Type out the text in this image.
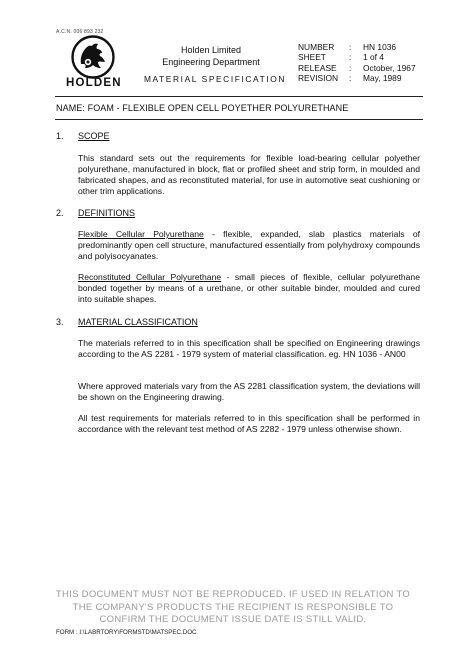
A.C.N. 006 893 232
HOLDEN
Holden Limited
Engineering Department
MATERIAL SPECIFICATION
NUMBER	:	HN 1036
SHEET	:	1 of 4
RELEASE	:	October, 1967
REVISION	:	May, 1989
NAME: FOAM - FLEXIBLE OPEN CELL POYETHER POLYURETHANE
1. SCOPE
This standard sets out the requirements for flexible load-bearing cellular polyether polyurethane, manufactured in block, flat or profiled sheet and strip form, in moulded and fabricated shapes, and as reconstituted material, for use in automotive seat cushioning or other trim applications.
2. DEFINITIONS
Flexible Cellular Polyurethane - flexible, expanded, slab plastics materials of predominantly open cell structure, manufactured essentially from polyhydroxy compounds and polyisocyanates.
Reconstituted Cellular Polyurethane - small pieces of flexible, cellular polyurethane bonded together by means of a urethane, or other suitable binder, moulded and cured into suitable shapes.
3. MATERIAL CLASSIFICATION
The materials referred to in this specification shall be specified on Engineering drawings according to the AS 2281 - 1979 system of material classification. eg. HN 1036 - AN00
Where approved materials vary from the AS 2281 classification system, the deviations will be shown on the Engineering drawing.
All test requirements for materials referred to in this specification shall be performed in accordance with the relevant test method of AS 2282 - 1979 unless otherwise shown.
THIS DOCUMENT MUST NOT BE REPRODUCED. IF USED IN RELATION TO
THE COMPANY'S PRODUCTS THE RECIPIENT IS RESPONSIBLE TO
CONFIRM THE DOCUMENT ISSUE DATE IS STILL VALID.
FORM : I:\LABRTORY\FORMSTD\MATSPEC.DOC
